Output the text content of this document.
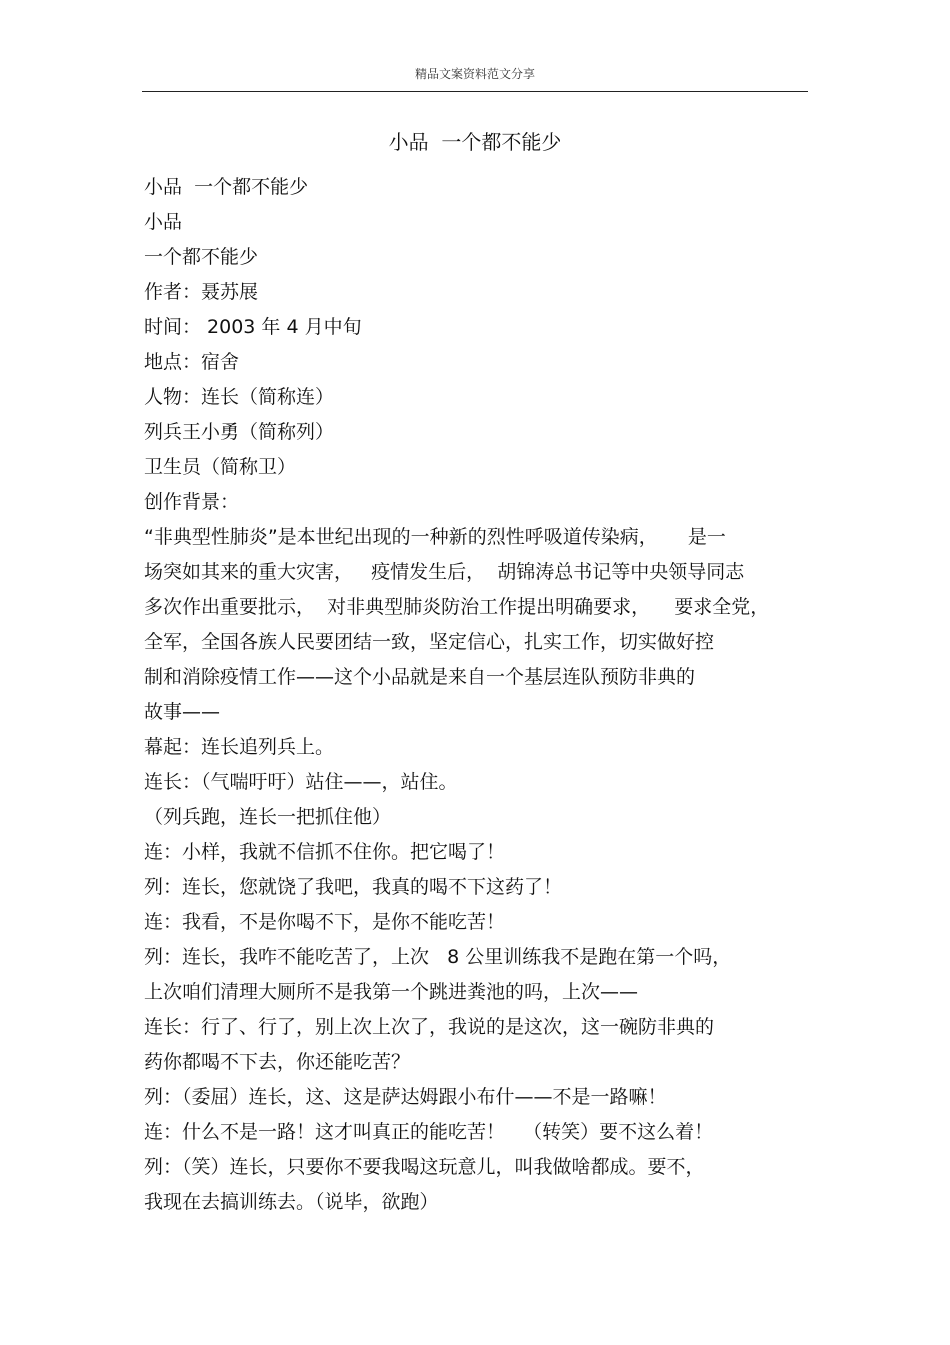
精品文案资料范文分享
小品  一个都不能少
小品  一个都不能少
小品
一个都不能少
作者：聂苏展
时间： 2003 年 4 月中旬
地点：宿舍
人物：连长（简称连）
列兵王小勇（简称列）
卫生员（简称卫）
创作背景：
“非典型性肺炎”是本世纪出现的一种新的烈性呼吸道传染病，     是一
场突如其来的重大灾害，   疫情发生后，  胡锦涛总书记等中央领导同志
多次作出重要批示，  对非典型肺炎防治工作提出明确要求，    要求全党，
全军，全国各族人民要团结一致，坚定信心，扎实工作，切实做好控
制和消除疫情工作——这个小品就是来自一个基层连队预防非典的
故事——
幕起：连长追列兵上。
连长：（气喘吁吁）站住——，站住。
（列兵跑，连长一把抓住他）
连：小样，我就不信抓不住你。把它喝了！
列：连长，您就饶了我吧，我真的喝不下这药了！
连：我看，不是你喝不下，是你不能吃苦！
列：连长，我咋不能吃苦了，上次   8 公里训练我不是跑在第一个吗，
上次咱们清理大厕所不是我第一个跳进粪池的吗，上次——
连长：行了、行了，别上次上次了，我说的是这次，这一碗防非典的
药你都喝不下去，你还能吃苦？
列：（委屈）连长，这、这是萨达姆跟小布什——不是一路嘛！
连：什么不是一路！这才叫真正的能吃苦！   （转笑）要不这么着！
列：（笑）连长，只要你不要我喝这玩意儿，叫我做啥都成。要不，
我现在去搞训练去。（说毕，欲跑）
